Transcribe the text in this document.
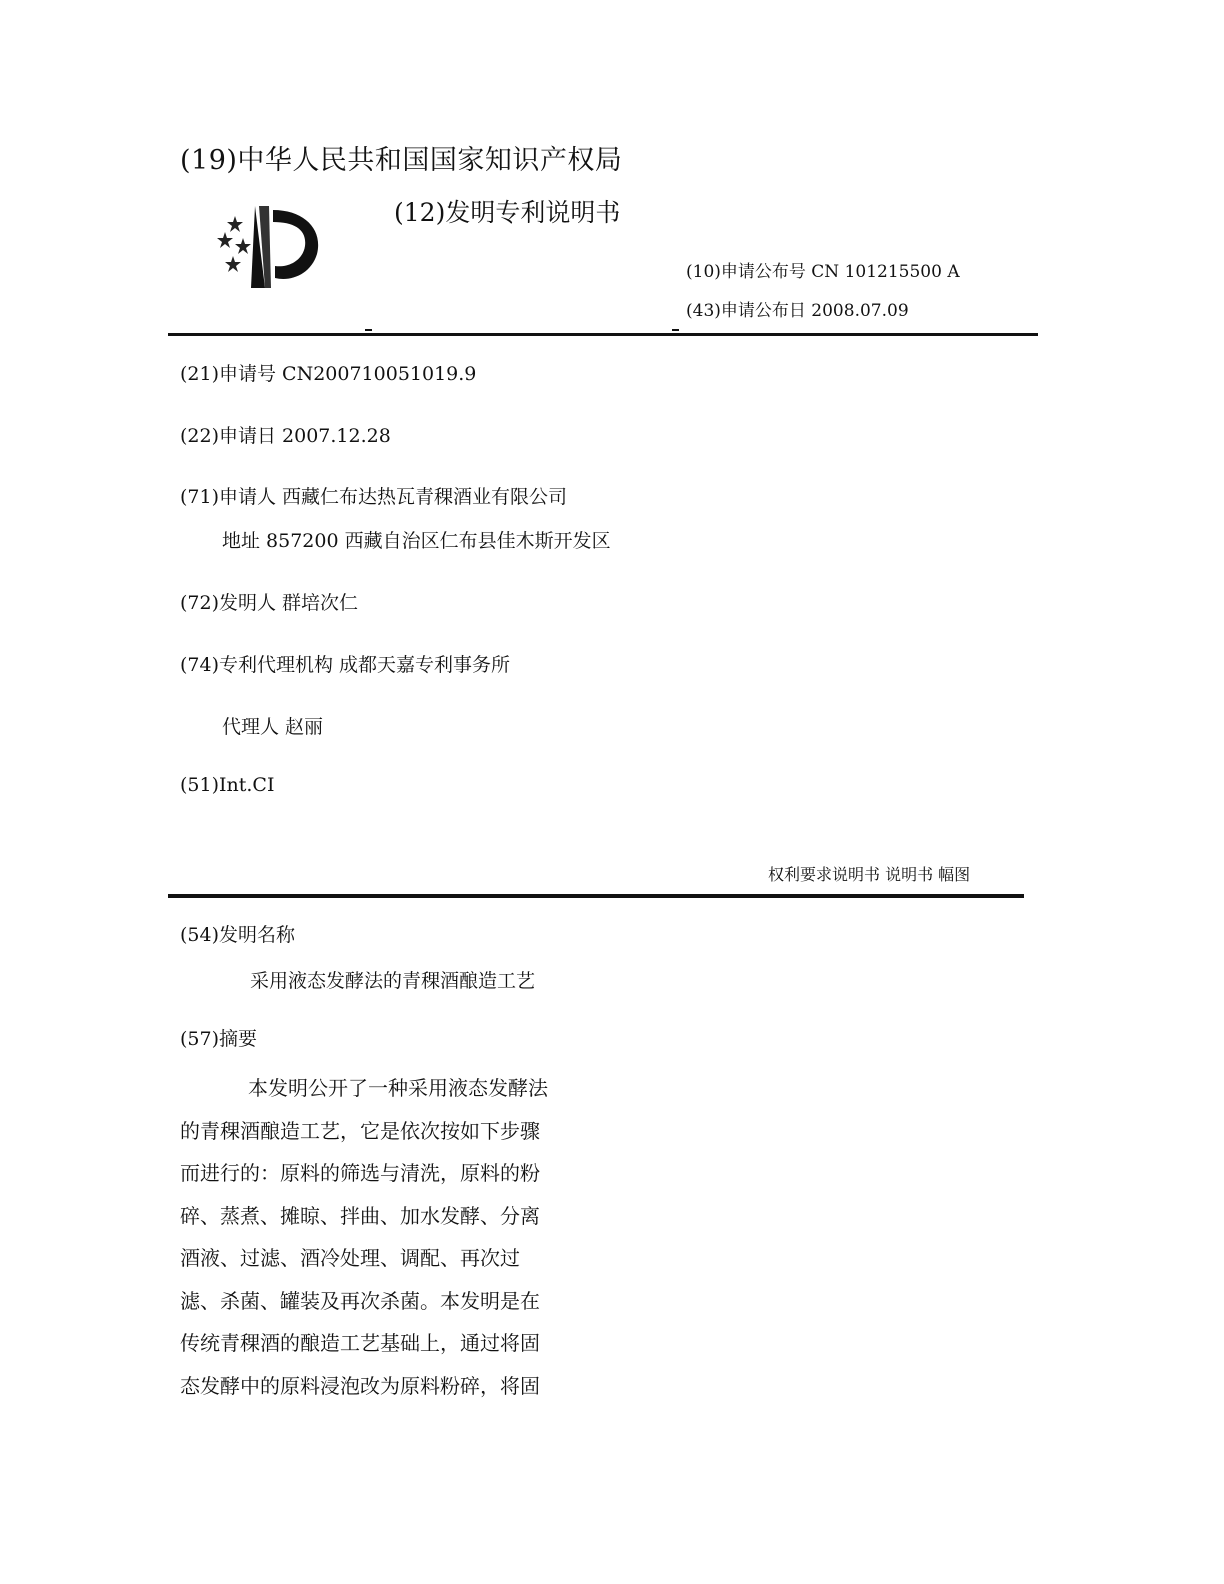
(19)中华人民共和国国家知识产权局
(12)发明专利说明书
(10)申请公布号 CN 101215500 A
(43)申请公布日 2008.07.09
(21)申请号 CN200710051019.9
(22)申请日 2007.12.28
(71)申请人 西藏仁布达热瓦青稞酒业有限公司
地址 857200 西藏自治区仁布县佳木斯开发区
(72)发明人 群培次仁
(74)专利代理机构 成都天嘉专利事务所
代理人 赵丽
(51)Int.CI
权利要求说明书 说明书 幅图
(54)发明名称
采用液态发酵法的青稞酒酿造工艺
(57)摘要
本发明公开了一种采用液态发酵法
的青稞酒酿造工艺，它是依次按如下步骤
而进行的：原料的筛选与清洗，原料的粉
碎、蒸煮、摊晾、拌曲、加水发酵、分离
酒液、过滤、酒冷处理、调配、再次过
滤、杀菌、罐装及再次杀菌。本发明是在
传统青稞酒的酿造工艺基础上，通过将固
态发酵中的原料浸泡改为原料粉碎，将固
